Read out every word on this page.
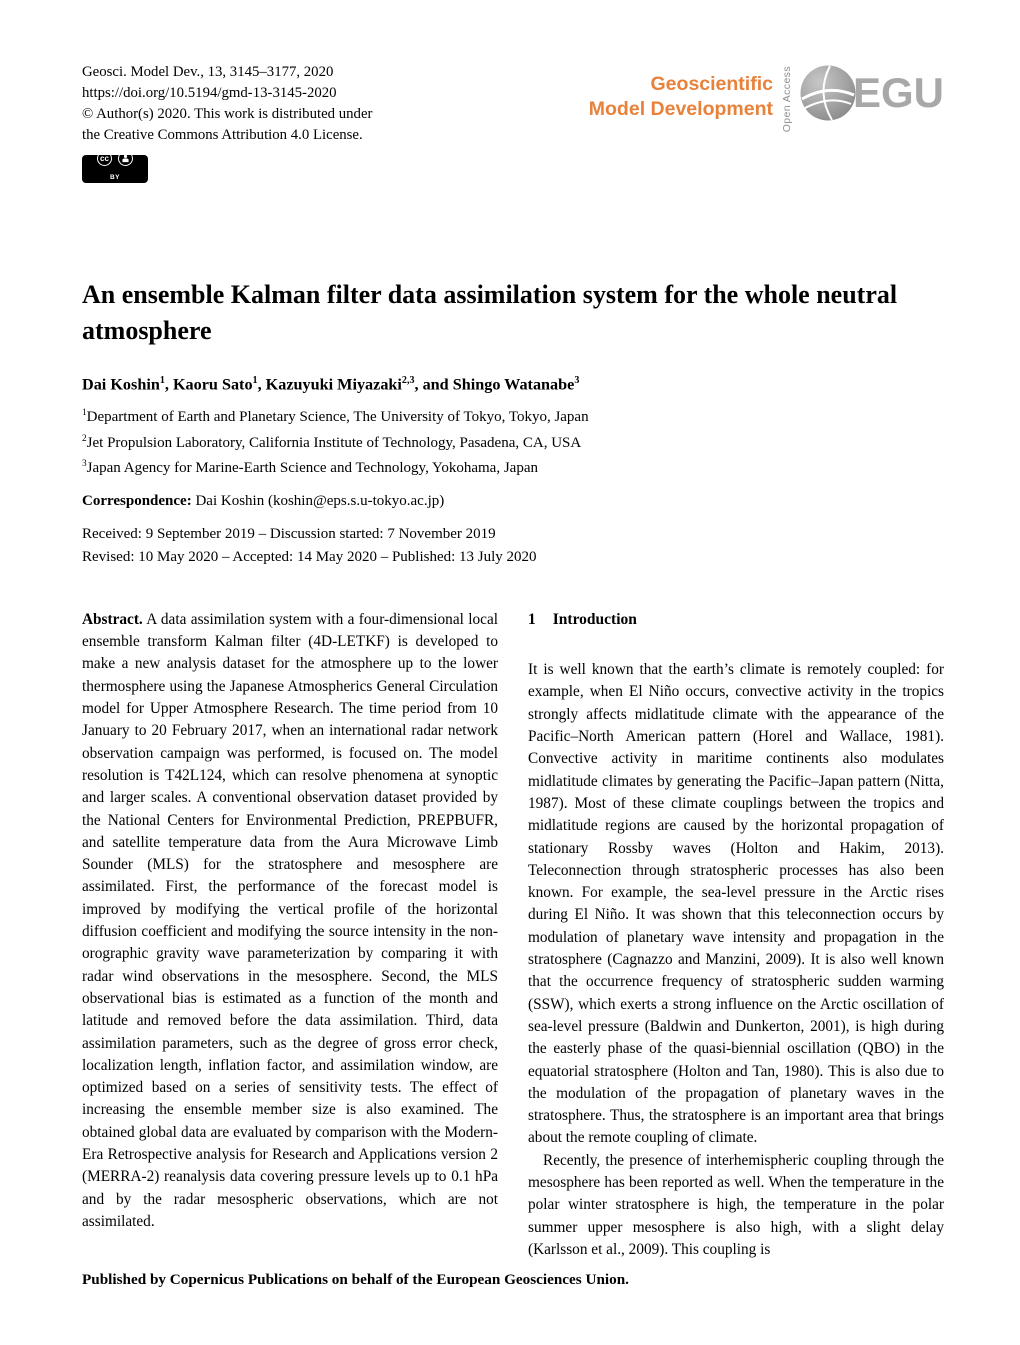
Geosci. Model Dev., 13, 3145–3177, 2020
https://doi.org/10.5194/gmd-13-3145-2020
© Author(s) 2020. This work is distributed under
the Creative Commons Attribution 4.0 License.
cc
BY
Geoscientific
Model Development Open Access EGU
An ensemble Kalman filter data assimilation system for the whole neutral atmosphere
Dai Koshin$^1$, Kaoru Sato$^1$, Kazuyuki Miyazaki$^{2,3}$, and Shingo Watanabe$^3$
$^1$Department of Earth and Planetary Science, The University of Tokyo, Tokyo, Japan
$^2$Jet Propulsion Laboratory, California Institute of Technology, Pasadena, CA, USA
$^3$Japan Agency for Marine-Earth Science and Technology, Yokohama, Japan
Correspondence: Dai Koshin (koshin@eps.s.u-tokyo.ac.jp)
Received: 9 September 2019 – Discussion started: 7 November 2019
Revised: 10 May 2020 – Accepted: 14 May 2020 – Published: 13 July 2020

Abstract. A data assimilation system with a four-dimensional local ensemble transform Kalman filter (4D-LETKF) is developed to make a new analysis dataset for the atmosphere up to the lower thermosphere using the Japanese Atmospherics General Circulation model for Upper Atmosphere Research. The time period from 10 January to 20 February 2017, when an international radar network observation campaign was performed, is focused on. The model resolution is T42L124, which can resolve phenomena at synoptic and larger scales. A conventional observation dataset provided by the National Centers for Environmental Prediction, PREPBUFR, and satellite temperature data from the Aura Microwave Limb Sounder (MLS) for the stratosphere and mesosphere are assimilated. First, the performance of the forecast model is improved by modifying the vertical profile of the horizontal diffusion coefficient and modifying the source intensity in the non-orographic gravity wave parameterization by comparing it with radar wind observations in the mesosphere. Second, the MLS observational bias is estimated as a function of the month and latitude and removed before the data assimilation. Third, data assimilation parameters, such as the degree of gross error check, localization length, inflation factor, and assimilation window, are optimized based on a series of sensitivity tests. The effect of increasing the ensemble member size is also examined. The obtained global data are evaluated by comparison with the Modern-Era Retrospective analysis for Research and Applications version 2 (MERRA-2) reanalysis data covering pressure levels up to 0.1 hPa and by the radar mesospheric observations, which are not assimilated.

1 Introduction

It is well known that the earth’s climate is remotely coupled: for example, when El Niño occurs, convective activity in the tropics strongly affects midlatitude climate with the appearance of the Pacific–North American pattern (Horel and Wallace, 1981). Convective activity in maritime continents also modulates midlatitude climates by generating the Pacific–Japan pattern (Nitta, 1987). Most of these climate couplings between the tropics and midlatitude regions are caused by the horizontal propagation of stationary Rossby waves (Holton and Hakim, 2013). Teleconnection through stratospheric processes has also been known. For example, the sea-level pressure in the Arctic rises during El Niño. It was shown that this teleconnection occurs by modulation of planetary wave intensity and propagation in the stratosphere (Cagnazzo and Manzini, 2009). It is also well known that the occurrence frequency of stratospheric sudden warming (SSW), which exerts a strong influence on the Arctic oscillation of sea-level pressure (Baldwin and Dunkerton, 2001), is high during the easterly phase of the quasi-biennial oscillation (QBO) in the equatorial stratosphere (Holton and Tan, 1980). This is also due to the modulation of the propagation of planetary waves in the stratosphere. Thus, the stratosphere is an important area that brings about the remote coupling of climate.

Recently, the presence of interhemispheric coupling through the mesosphere has been reported as well. When the temperature in the polar winter stratosphere is high, the temperature in the polar summer upper mesosphere is also high, with a slight delay (Karlsson et al., 2009). This coupling is

Published by Copernicus Publications on behalf of the European Geosciences Union.
